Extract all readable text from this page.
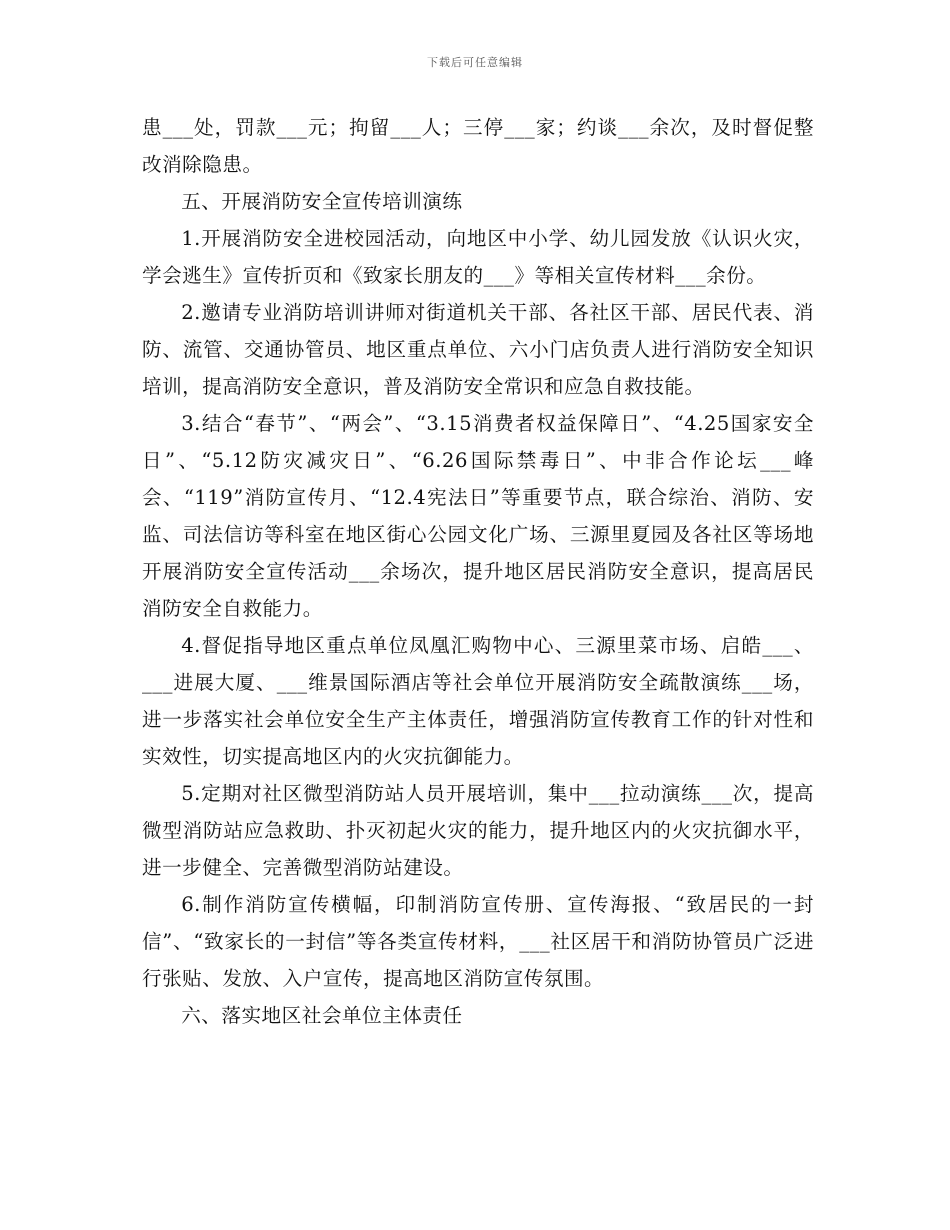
下载后可任意编辑

患___处，罚款___元；拘留___人；三停___家；约谈___余次，及时督促整改消除隐患。

五、开展消防安全宣传培训演练

1.开展消防安全进校园活动，向地区中小学、幼儿园发放《认识火灾，学会逃生》宣传折页和《致家长朋友的___》等相关宣传材料___余份。

2.邀请专业消防培训讲师对街道机关干部、各社区干部、居民代表、消防、流管、交通协管员、地区重点单位、六小门店负责人进行消防安全知识培训，提高消防安全意识，普及消防安全常识和应急自救技能。

3.结合“春节”、“两会”、“3.15消费者权益保障日”、“4.25国家安全日”、“5.12防灾减灾日”、“6.26国际禁毒日”、中非合作论坛___峰会、“119”消防宣传月、“12.4宪法日”等重要节点，联合综治、消防、安监、司法信访等科室在地区街心公园文化广场、三源里夏园及各社区等场地开展消防安全宣传活动___余场次，提升地区居民消防安全意识，提高居民消防安全自救能力。

4.督促指导地区重点单位凤凰汇购物中心、三源里菜市场、启皓___、___进展大厦、___维景国际酒店等社会单位开展消防安全疏散演练___场，进一步落实社会单位安全生产主体责任，增强消防宣传教育工作的针对性和实效性，切实提高地区内的火灾抗御能力。

5.定期对社区微型消防站人员开展培训，集中___拉动演练___次，提高微型消防站应急救助、扑灭初起火灾的能力，提升地区内的火灾抗御水平，进一步健全、完善微型消防站建设。

6.制作消防宣传横幅，印制消防宣传册、宣传海报、“致居民的一封信”、“致家长的一封信”等各类宣传材料，___社区居干和消防协管员广泛进行张贴、发放、入户宣传，提高地区消防宣传氛围。

六、落实地区社会单位主体责任
